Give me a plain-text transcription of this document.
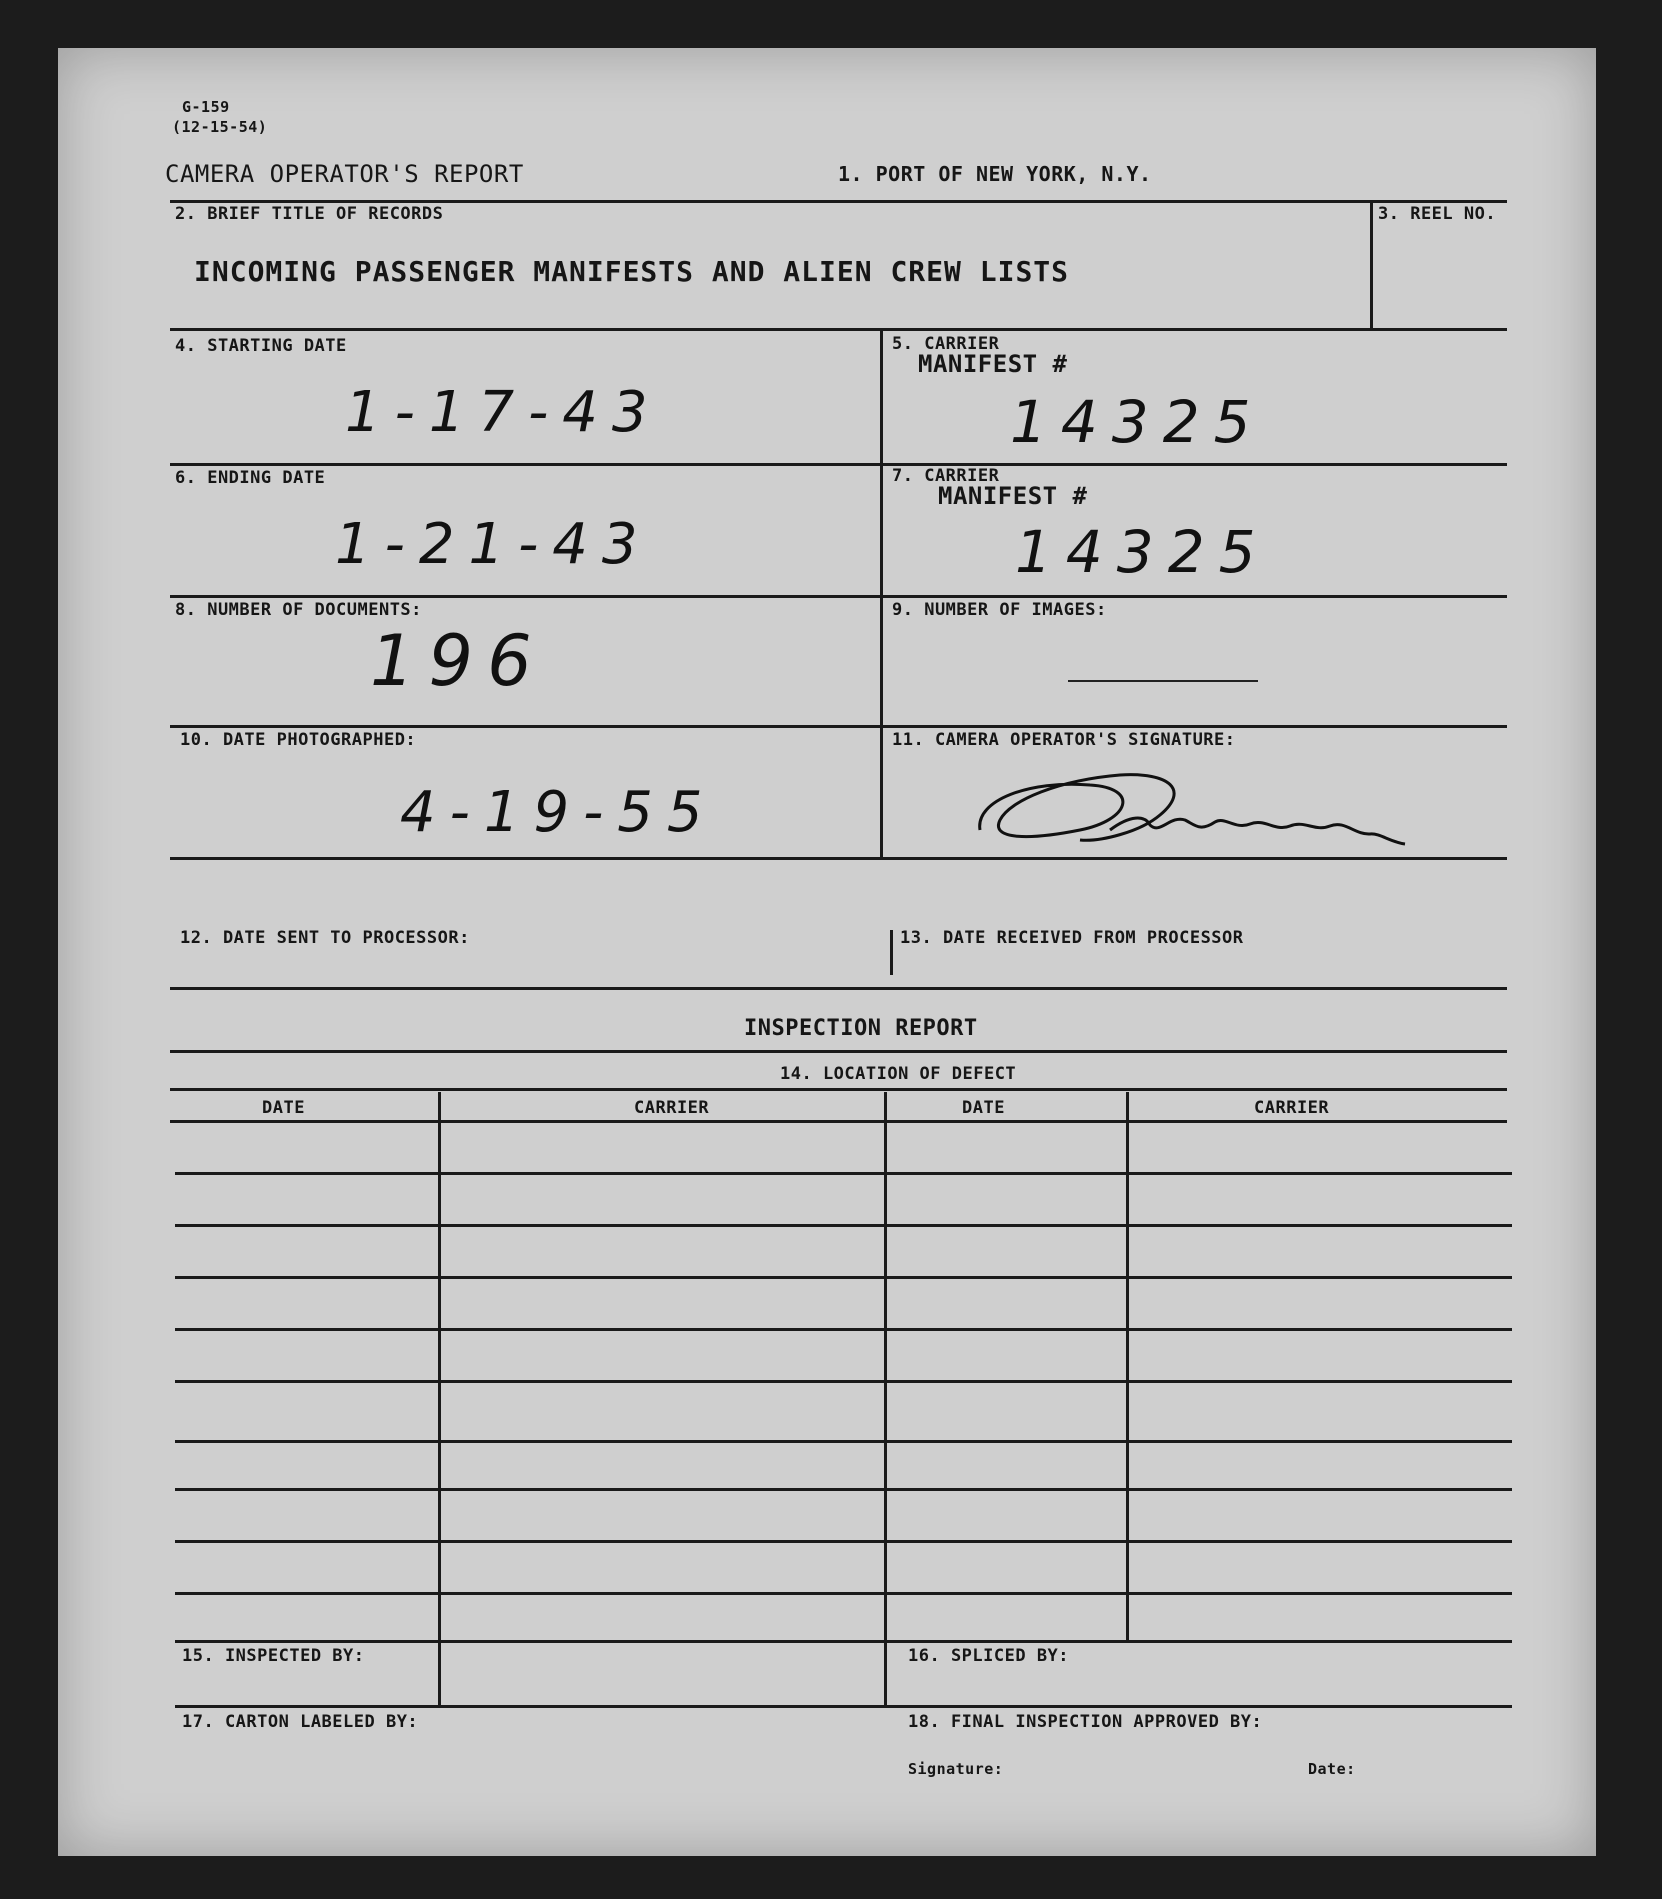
G-159
(12-15-54)
CAMERA OPERATOR'S REPORT	1. PORT OF NEW YORK, N.Y.
2. BRIEF TITLE OF RECORDS
INCOMING PASSENGER MANIFESTS AND ALIEN CREW LISTS
3. REEL NO.
4. STARTING DATE
1-17-43
5. CARRIER
MANIFEST #
14325
6. ENDING DATE
1-21-43
7. CARRIER
MANIFEST #
14325
8. NUMBER OF DOCUMENTS:
196
9. NUMBER OF IMAGES:
10. DATE PHOTOGRAPHED:
4-19-55
11. CAMERA OPERATOR'S SIGNATURE:
12. DATE SENT TO PROCESSOR:	13. DATE RECEIVED FROM PROCESSOR
INSPECTION REPORT
14. LOCATION OF DEFECT
DATE	CARRIER	DATE	CARRIER
15. INSPECTED BY:	16. SPLICED BY:
17. CARTON LABELED BY:	18. FINAL INSPECTION APPROVED BY:
Signature:	Date:
